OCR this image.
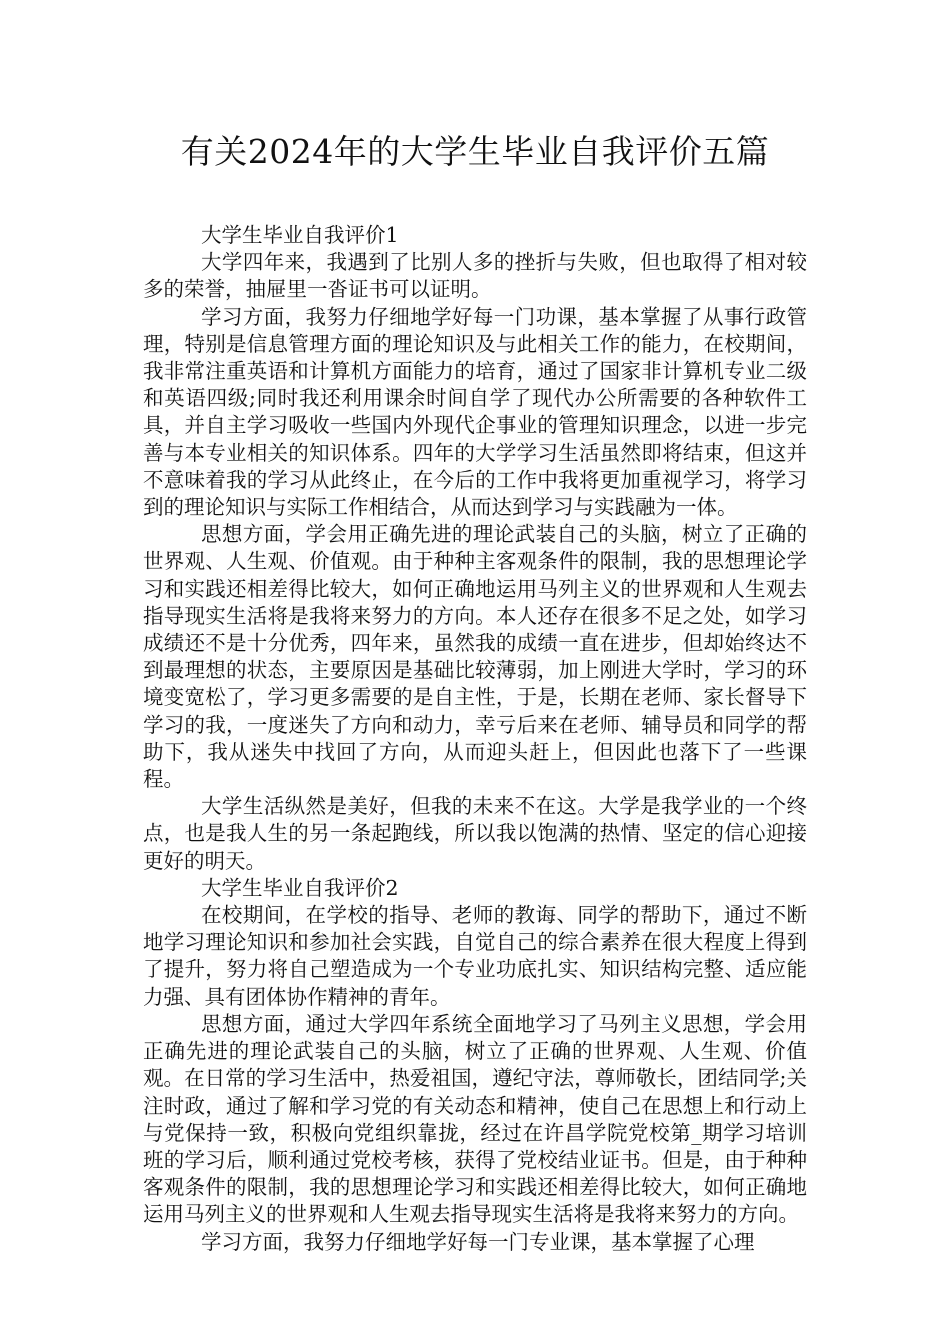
有关2024年的大学生毕业自我评价五篇

大学生毕业自我评价1

大学四年来，我遇到了比别人多的挫折与失败，但也取得了相对较多的荣誉，抽屉里一沓证书可以证明。

学习方面，我努力仔细地学好每一门功课，基本掌握了从事行政管理，特别是信息管理方面的理论知识及与此相关工作的能力，在校期间，我非常注重英语和计算机方面能力的培育，通过了国家非计算机专业二级和英语四级;同时我还利用课余时间自学了现代办公所需要的各种软件工具，并自主学习吸收一些国内外现代企事业的管理知识理念，以进一步完善与本专业相关的知识体系。四年的大学学习生活虽然即将结束，但这并不意味着我的学习从此终止，在今后的工作中我将更加重视学习，将学习到的理论知识与实际工作相结合，从而达到学习与实践融为一体。

思想方面，学会用正确先进的理论武装自己的头脑，树立了正确的世界观、人生观、价值观。由于种种主客观条件的限制，我的思想理论学习和实践还相差得比较大，如何正确地运用马列主义的世界观和人生观去指导现实生活将是我将来努力的方向。本人还存在很多不足之处，如学习成绩还不是十分优秀，四年来，虽然我的成绩一直在进步，但却始终达不到最理想的状态，主要原因是基础比较薄弱，加上刚进大学时，学习的环境变宽松了，学习更多需要的是自主性，于是，长期在老师、家长督导下学习的我，一度迷失了方向和动力，幸亏后来在老师、辅导员和同学的帮助下，我从迷失中找回了方向，从而迎头赶上，但因此也落下了一些课程。

大学生活纵然是美好，但我的未来不在这。大学是我学业的一个终点，也是我人生的另一条起跑线，所以我以饱满的热情、坚定的信心迎接更好的明天。

大学生毕业自我评价2

在校期间，在学校的指导、老师的教诲、同学的帮助下，通过不断地学习理论知识和参加社会实践，自觉自己的综合素养在很大程度上得到了提升，努力将自己塑造成为一个专业功底扎实、知识结构完整、适应能力强、具有团体协作精神的青年。

思想方面，通过大学四年系统全面地学习了马列主义思想，学会用正确先进的理论武装自己的头脑，树立了正确的世界观、人生观、价值观。在日常的学习生活中，热爱祖国，遵纪守法，尊师敬长，团结同学;关注时政，通过了解和学习党的有关动态和精神，使自己在思想上和行动上与党保持一致，积极向党组织靠拢，经过在许昌学院党校第_期学习培训班的学习后，顺利通过党校考核，获得了党校结业证书。但是，由于种种客观条件的限制，我的思想理论学习和实践还相差得比较大，如何正确地运用马列主义的世界观和人生观去指导现实生活将是我将来努力的方向。

学习方面，我努力仔细地学好每一门专业课，基本掌握了心理
